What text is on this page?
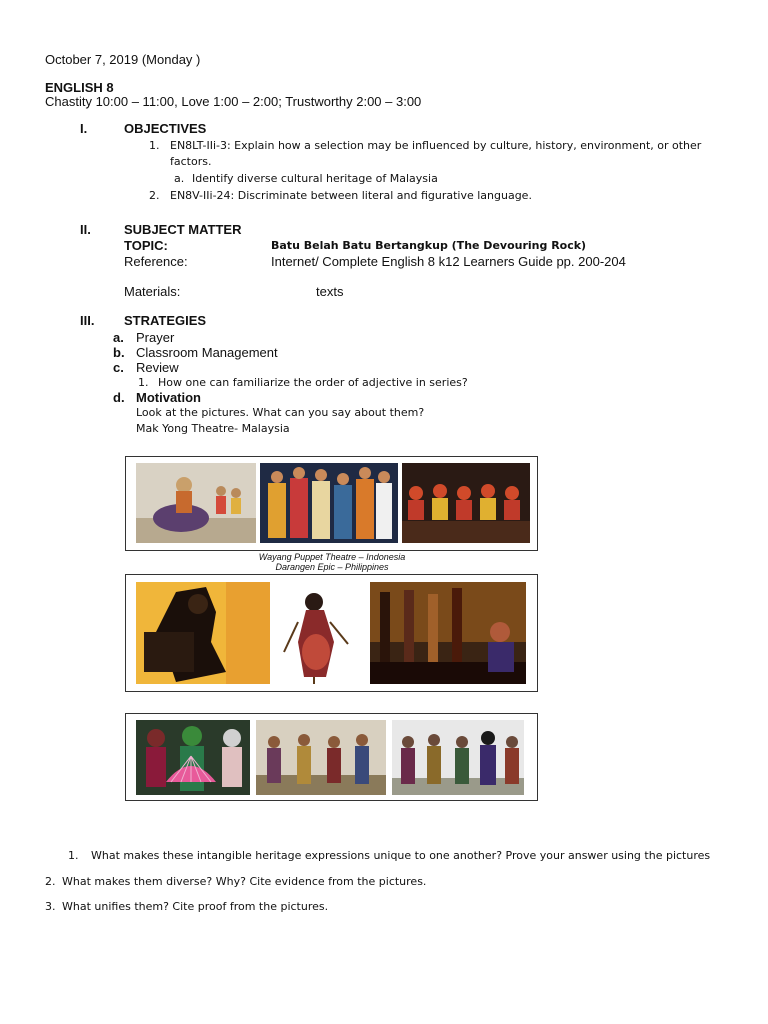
October 7, 2019 (Monday )
ENGLISH 8
Chastity 10:00 – 11:00, Love 1:00 – 2:00; Trustworthy 2:00 – 3:00
I.	OBJECTIVES
1. EN8LT-IIi-3: Explain how a selection may be influenced by culture, history, environment, or other
factors.
a. Identify diverse cultural heritage of Malaysia
2. EN8V-IIi-24: Discriminate between literal and figurative language.
II.	SUBJECT MATTER
TOPIC:	Batu Belah Batu Bertangkup (The Devouring Rock)
Reference:	Internet/ Complete English 8 k12 Learners Guide pp. 200-204
Materials:	texts
III. STRATEGIES
a. Prayer
b. Classroom Management
c. Review
1. How one can familiarize the order of adjective in series?
d. Motivation
Look at the pictures. What can you say about them?
Mak Yong Theatre- Malaysia
Wayang Puppet Theatre – Indonesia
Darangen Epic – Philippines
1. What makes these intangible heritage expressions unique to one another? Prove your answer using the pictures
2. What makes them diverse? Why? Cite evidence from the pictures.
3. What unifies them? Cite proof from the pictures.
